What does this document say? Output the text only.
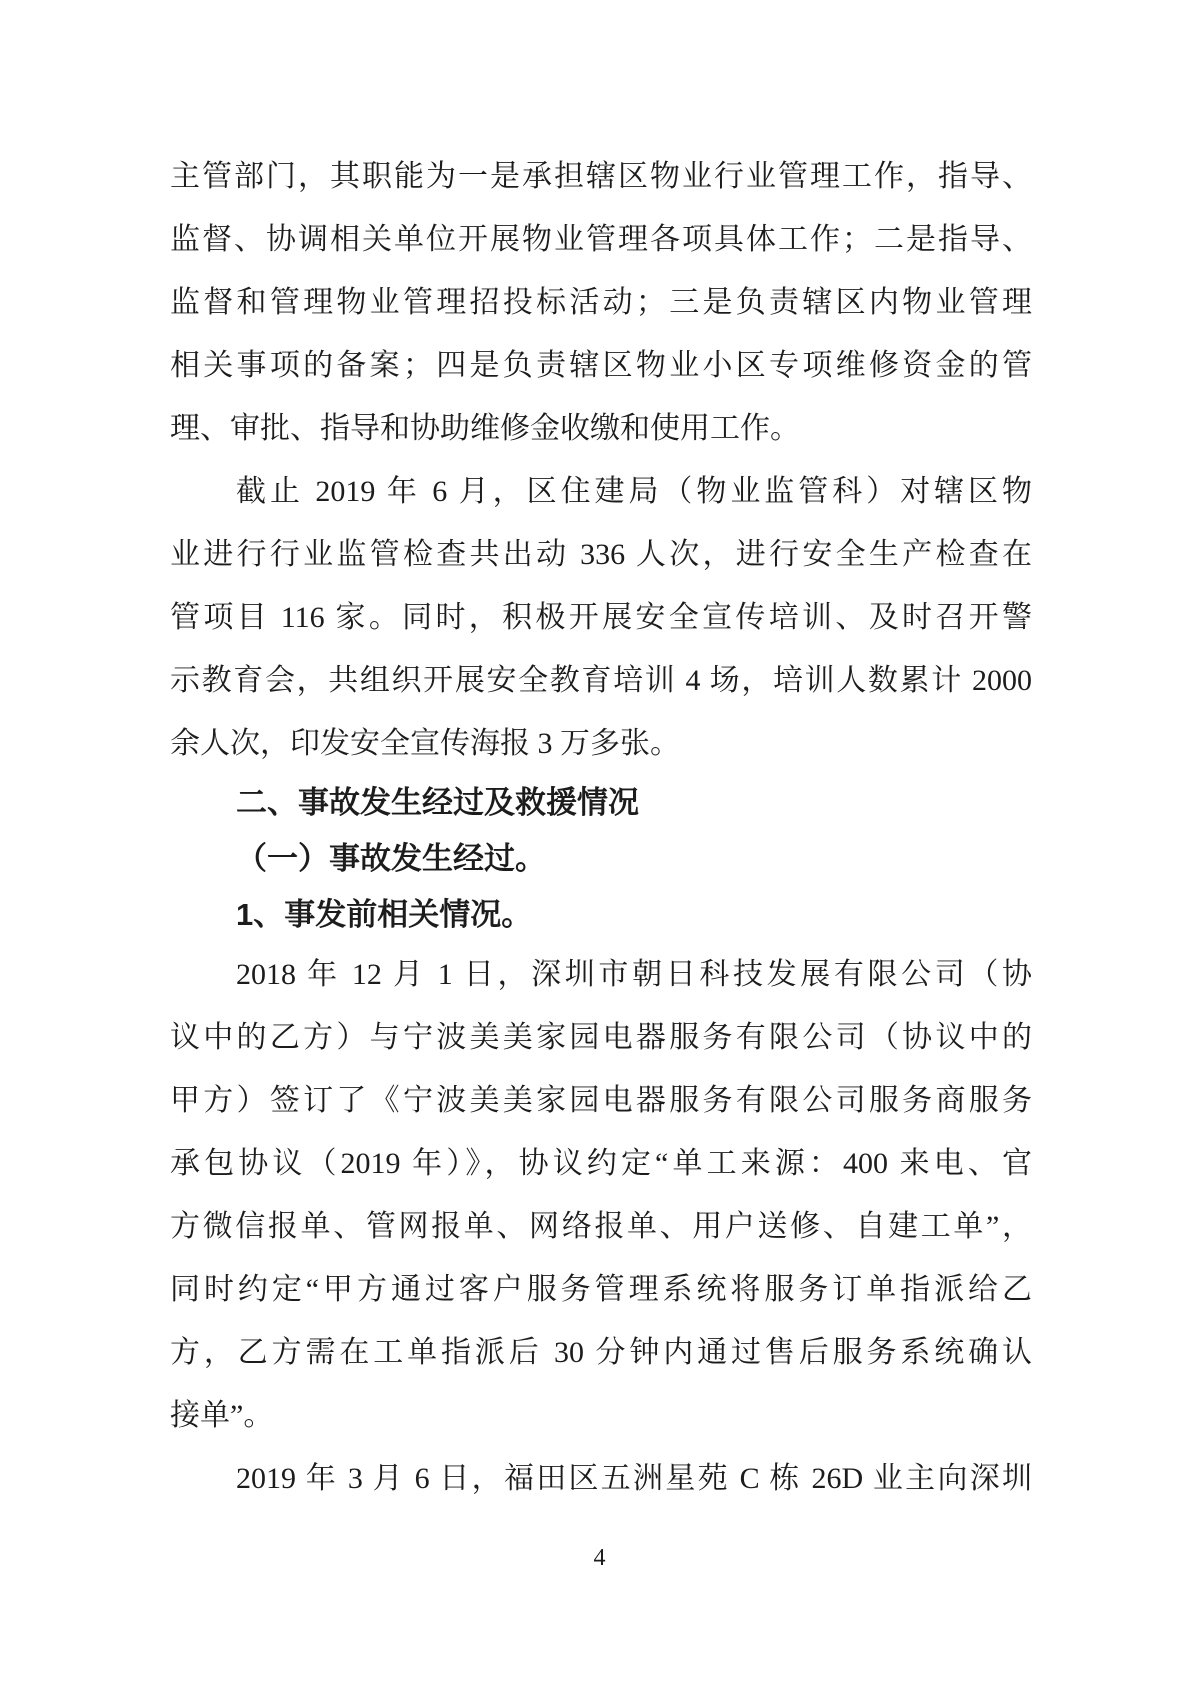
主管部门，其职能为一是承担辖区物业行业管理工作，指导、
监督、协调相关单位开展物业管理各项具体工作；二是指导、
监督和管理物业管理招投标活动；三是负责辖区内物业管理
相关事项的备案；四是负责辖区物业小区专项维修资金的管
理、审批、指导和协助维修金收缴和使用工作。
截止 2019 年 6 月，区住建局（物业监管科）对辖区物
业进行行业监管检查共出动 336 人次，进行安全生产检查在
管项目 116 家。同时，积极开展安全宣传培训、及时召开警
示教育会，共组织开展安全教育培训 4 场，培训人数累计 2000
余人次，印发安全宣传海报 3 万多张。
二、事故发生经过及救援情况
（一）事故发生经过。
1、事发前相关情况。
2018 年 12 月 1 日，深圳市朝日科技发展有限公司（协
议中的乙方）与宁波美美家园电器服务有限公司（协议中的
甲方）签订了《宁波美美家园电器服务有限公司服务商服务
承包协议（2019 年）》，协议约定“单工来源：400 来电、官
方微信报单、管网报单、网络报单、用户送修、自建工单”，
同时约定“甲方通过客户服务管理系统将服务订单指派给乙
方，乙方需在工单指派后 30 分钟内通过售后服务系统确认
接单”。
2019 年 3 月 6 日，福田区五洲星苑 C 栋 26D 业主向深圳
4
